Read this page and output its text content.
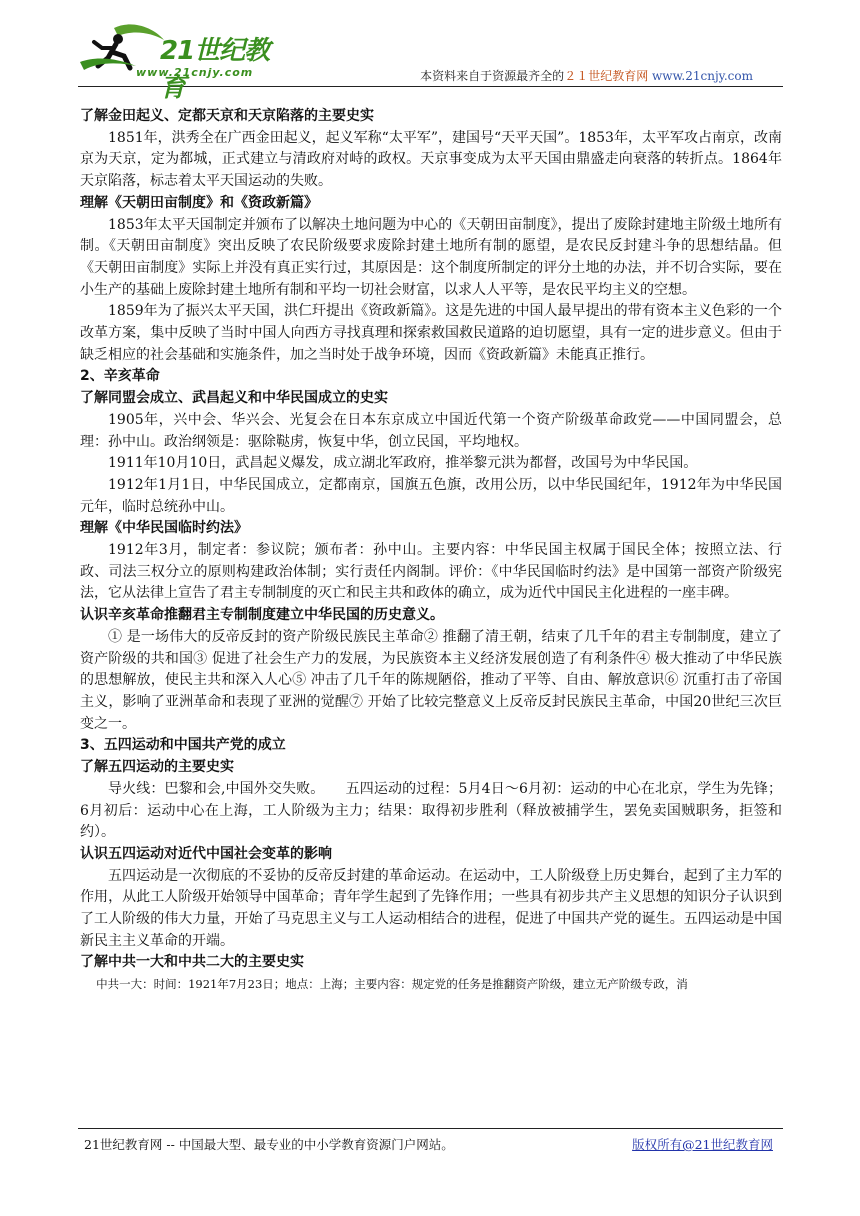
21世纪教育
www.21cnjy.com	本资料来自于资源最齐全的２１世纪教育网 www.21cnjy.com

了解金田起义、定都天京和天京陷落的主要史实

1851年，洪秀全在广西金田起义，起义军称“太平军”，建国号“天平天国”。1853年，太平军攻占南京，改南京为天京，定为都城，正式建立与清政府对峙的政权。天京事变成为太平天国由鼎盛走向衰落的转折点。1864年天京陷落，标志着太平天国运动的失败。

理解《天朝田亩制度》和《资政新篇》

1853年太平天国制定并颁布了以解决土地问题为中心的《天朝田亩制度》，提出了废除封建地主阶级土地所有制。《天朝田亩制度》突出反映了农民阶级要求废除封建土地所有制的愿望，是农民反封建斗争的思想结晶。但《天朝田亩制度》实际上并没有真正实行过，其原因是：这个制度所制定的评分土地的办法，并不切合实际，要在小生产的基础上废除封建土地所有制和平均一切社会财富，以求人人平等，是农民平均主义的空想。

1859年为了振兴太平天国，洪仁玕提出《资政新篇》。这是先进的中国人最早提出的带有资本主义色彩的一个改革方案，集中反映了当时中国人向西方寻找真理和探索救国救民道路的迫切愿望，具有一定的进步意义。但由于缺乏相应的社会基础和实施条件，加之当时处于战争环境，因而《资政新篇》未能真正推行。

2、辛亥革命

了解同盟会成立、武昌起义和中华民国成立的史实

1905年，兴中会、华兴会、光复会在日本东京成立中国近代第一个资产阶级革命政党——中国同盟会，总理：孙中山。政治纲领是：驱除鞑虏，恢复中华，创立民国，平均地权。

1911年10月10日，武昌起义爆发，成立湖北军政府，推举黎元洪为都督，改国号为中华民国。

1912年1月1日，中华民国成立，定都南京，国旗五色旗，改用公历，以中华民国纪年，1912年为中华民国元年，临时总统孙中山。

理解《中华民国临时约法》

1912年3月，制定者：参议院；颁布者：孙中山。主要内容：中华民国主权属于国民全体；按照立法、行政、司法三权分立的原则构建政治体制；实行责任内阁制。评价：《中华民国临时约法》是中国第一部资产阶级宪法，它从法律上宣告了君主专制制度的灭亡和民主共和政体的确立，成为近代中国民主化进程的一座丰碑。

认识辛亥革命推翻君主专制制度建立中华民国的历史意义。

① 是一场伟大的反帝反封的资产阶级民族民主革命② 推翻了清王朝，结束了几千年的君主专制制度，建立了资产阶级的共和国③ 促进了社会生产力的发展，为民族资本主义经济发展创造了有利条件④ 极大推动了中华民族的思想解放，使民主共和深入人心⑤ 冲击了几千年的陈规陋俗，推动了平等、自由、解放意识⑥ 沉重打击了帝国主义，影响了亚洲革命和表现了亚洲的觉醒⑦ 开始了比较完整意义上反帝反封民族民主革命，中国20世纪三次巨变之一。

3、五四运动和中国共产党的成立

了解五四运动的主要史实

导火线：巴黎和会,中国外交失败。　　五四运动的过程：5月4日～6月初：运动的中心在北京，学生为先锋；6月初后：运动中心在上海，工人阶级为主力；结果：取得初步胜利（释放被捕学生，罢免卖国贼职务，拒签和约）。

认识五四运动对近代中国社会变革的影响

五四运动是一次彻底的不妥协的反帝反封建的革命运动。在运动中，工人阶级登上历史舞台，起到了主力军的作用，从此工人阶级开始领导中国革命；青年学生起到了先锋作用；一些具有初步共产主义思想的知识分子认识到了工人阶级的伟大力量，开始了马克思主义与工人运动相结合的进程，促进了中国共产党的诞生。五四运动是中国新民主主义革命的开端。

了解中共一大和中共二大的主要史实

中共一大：时间：1921年7月23日；地点：上海；主要内容：规定党的任务是推翻资产阶级，建立无产阶级专政，消

21世纪教育网 -- 中国最大型、最专业的中小学教育资源门户网站。	版权所有@21世纪教育网
